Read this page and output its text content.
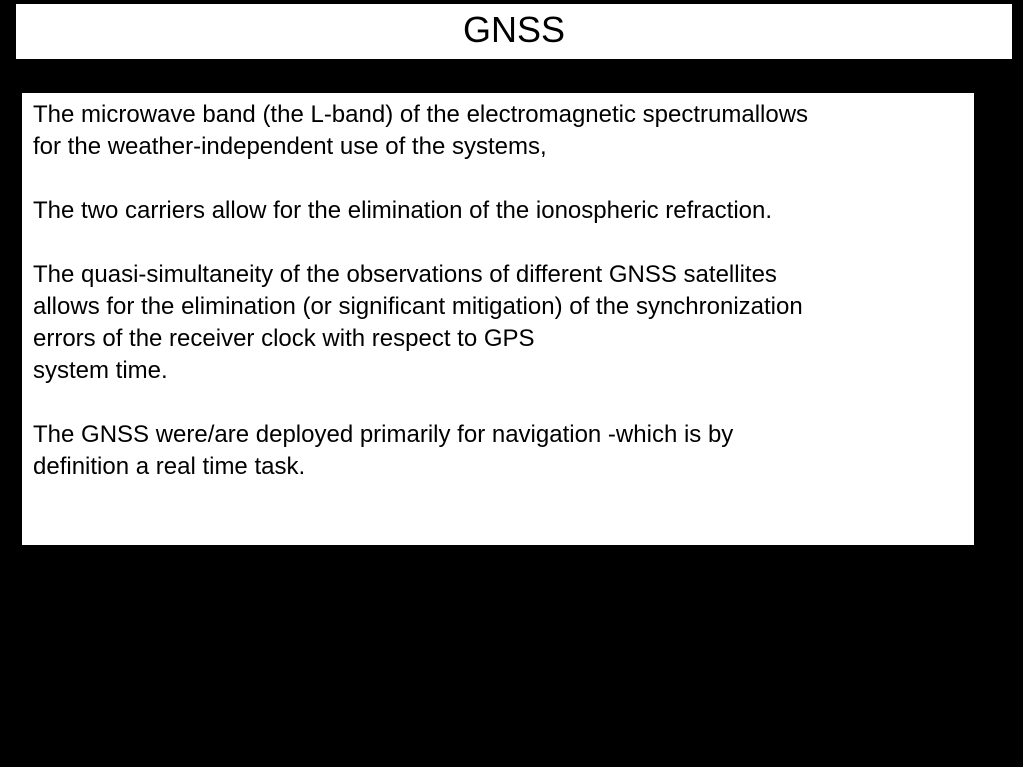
GNSS

The microwave band (the L-band) of the electromagnetic spectrumallows
for the weather-independent use of the systems,

The two carriers allow for the elimination of the ionospheric refraction.

The quasi-simultaneity of the observations of different GNSS satellites
allows for the elimination (or significant mitigation) of the synchronization
errors of the receiver clock with respect to GPS
system time.

The GNSS were/are deployed primarily for navigation -which is by
definition a real time task.
